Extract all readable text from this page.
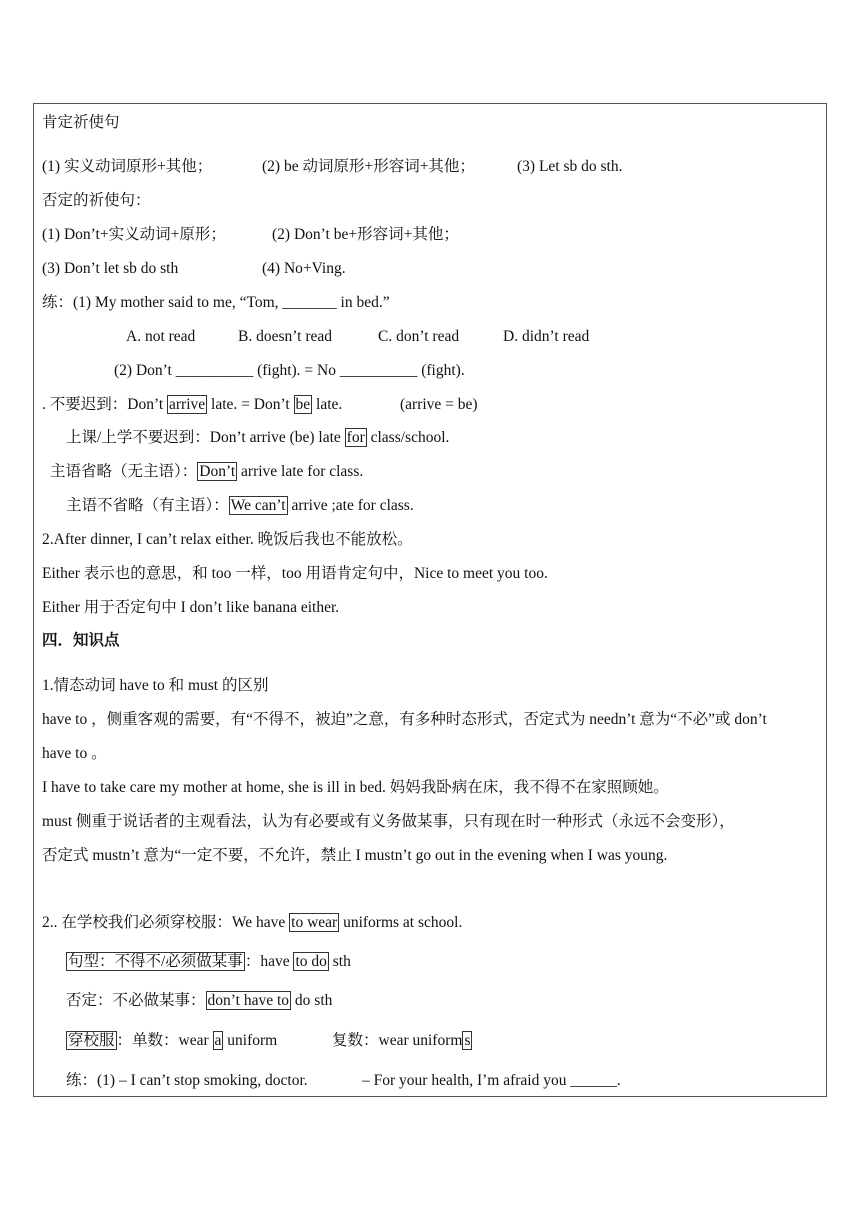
肯定祈使句
(1) 实义动词原形+其他；	(2) be 动词原形+形容词+其他；	(3) Let sb do sth.
否定的祈使句：
(1) Don’t+实义动词+原形；	(2) Don’t be+形容词+其他；
(3) Don’t let sb do sth	(4) No+Ving.
练：(1) My mother said to me, “Tom, _______ in bed.”
A. not read	B. doesn’t read	C. don’t read	D. didn’t read
(2) Don’t __________ (fight). = No __________ (fight).
. 不要迟到：Don’t arrive late. = Don’t be late.	(arrive = be)
上课/上学不要迟到：Don’t arrive (be) late for class/school.
主语省略（无主语）： Don’t arrive late for class.
主语不省略（有主语）： We can’t arrive ;ate for class.
2.After dinner, I can’t relax either. 晚饭后我也不能放松。
Either 表示也的意思，和 too 一样，too 用语肯定句中，Nice to meet you too.
Either 用于否定句中 I don’t like banana either.
四．知识点
1.情态动词 have to 和 must 的区别
have to ，侧重客观的需要，有“不得不，被迫”之意，有多种时态形式，否定式为 needn’t 意为“不必”或 don’t
have to 。
I have to take care my mother at home, she is ill in bed. 妈妈我卧病在床，我不得不在家照顾她。
must 侧重于说话者的主观看法，认为有必要或有义务做某事，只有现在时一种形式（永远不会变形），
否定式 mustn’t 意为“一定不要，不允许，禁止 I mustn’t go out in the evening when I was young.
2.. 在学校我们必须穿校服：We have to wear uniforms at school.
句型：不得不/必须做某事 ：have to do sth
否定：不必做某事： don’t have to do sth
穿校服 ：单数：wear a uniform	复数：wear uniform s
练：(1) – I can’t stop smoking, doctor.	– For your health, I’m afraid you ______.
